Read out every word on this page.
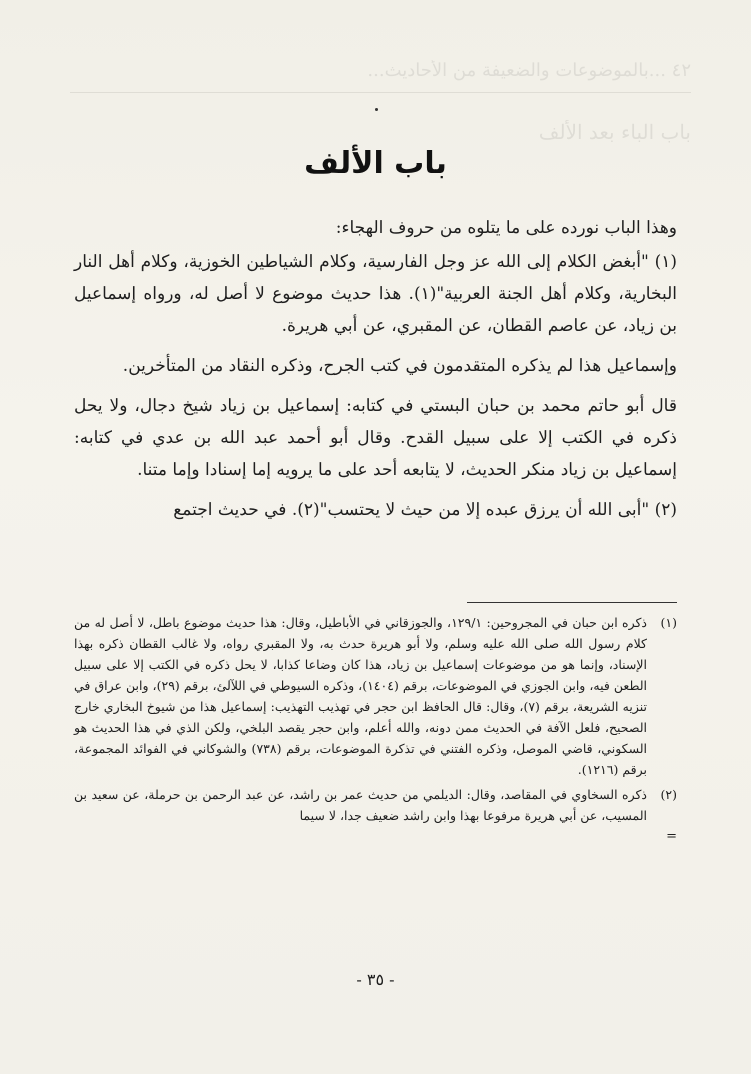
٤٢ ...بالموضوعات والضعيفة من الأحاديث...
باب الباء بعد الألف
باب الألف

وهذا الباب نورده على ما يتلوه من حروف الهجاء:

(١) "أبغض الكلام إلى الله عز وجل الفارسية، وكلام الشياطين الخوزية، وكلام أهل النار البخارية، وكلام أهل الجنة العربية"(١). هذا حديث موضوع لا أصل له، ورواه إسماعيل بن زياد، عن عاصم القطان، عن المقبري، عن أبي هريرة.

وإسماعيل هذا لم يذكره المتقدمون في كتب الجرح، وذكره النقاد من المتأخرين.

قال أبو حاتم محمد بن حبان البستي في كتابه: إسماعيل بن زياد شيخ دجال، ولا يحل ذكره في الكتب إلا على سبيل القدح. وقال أبو أحمد عبد الله بن عدي في كتابه: إسماعيل بن زياد منكر الحديث، لا يتابعه أحد على ما يرويه إما إسنادا وإما متنا.

(٢) "أبى الله أن يرزق عبده إلا من حيث لا يحتسب"(٢). في حديث اجتمع

(١)
ذكره ابن حبان في المجروحين: ١٢٩/١، والجوزقاني في الأباطيل، وقال: هذا حديث موضوع باطل، لا أصل له من كلام رسول الله صلى الله عليه وسلم، ولا أبو هريرة حدث به، ولا المقبري رواه، ولا غالب القطان ذكره بهذا الإسناد، وإنما هو من موضوعات إسماعيل بن زياد، هذا كان وضاعا كذابا، لا يحل ذكره في الكتب إلا على سبيل الطعن فيه، وابن الجوزي في الموضوعات، برقم (١٤٠٤)، وذكره السيوطي في اللآلئ، برقم (٢٩)، وابن عراق في تنزيه الشريعة، برقم (٧)، وقال: قال الحافظ ابن حجر في تهذيب التهذيب: إسماعيل هذا من شيوخ البخاري خارج الصحيح، فلعل الآفة في الحديث ممن دونه، والله أعلم، وابن حجر يقصد البلخي، ولكن الذي في هذا الحديث هو السكوني، قاضي الموصل، وذكره الفتني في تذكرة الموضوعات، برقم (٧٣٨) والشوكاني في الفوائد المجموعة، برقم (١٢١٦).
(٢)
ذكره السخاوي في المقاصد، وقال: الديلمي من حديث عمر بن راشد، عن عبد الرحمن بن حرملة، عن سعيد بن المسيب، عن أبي هريرة مرفوعا بهذا وابن راشد ضعيف جدا، لا سيما
=
- ٣٥ -
